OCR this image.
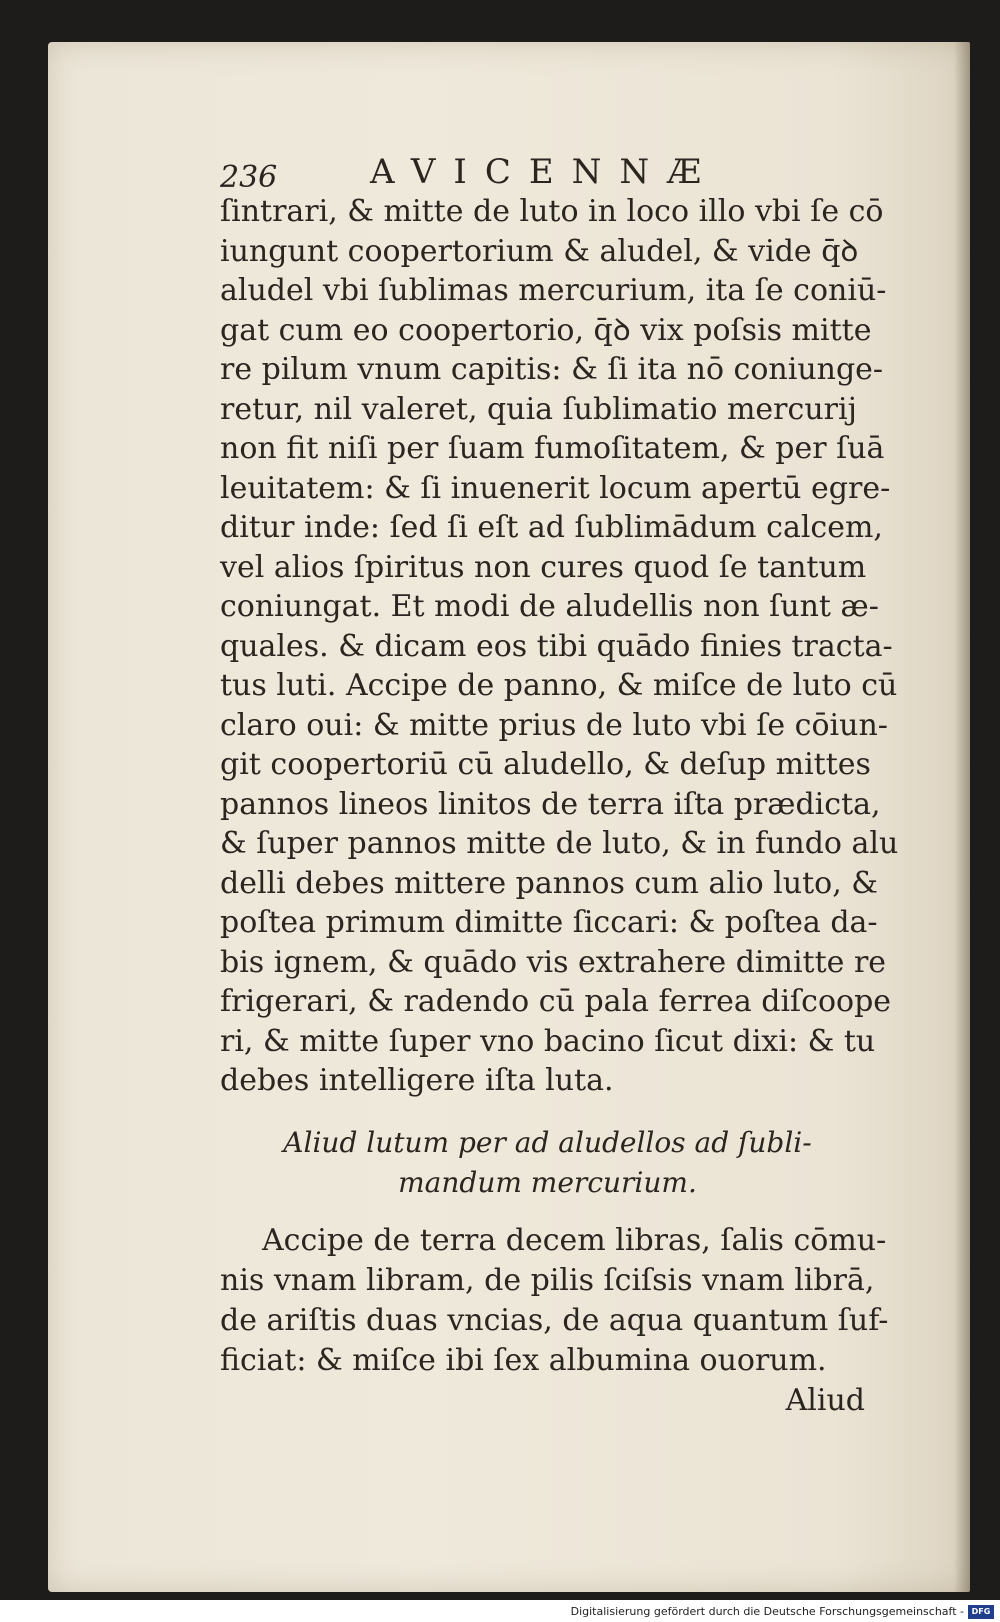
236	AVICENNÆ
ſintrari, & mitte de luto in loco illo vbi ſe cō
iungunt coopertorium & aludel, & vide q̄ꝺ
aludel vbi ſublimas mercurium, ita ſe coniū-
gat cum eo coopertorio, q̄ꝺ vix poſsis mitte
re pilum vnum capitis: & ſi ita nō coniunge-
retur, nil valeret, quia ſublimatio mercurij
non fit niſi per ſuam fumoſitatem, & per ſuā
leuitatem: & ſi inuenerit locum apertū egre-
ditur inde: ſed ſi eſt ad ſublimādum calcem,
vel alios ſpiritus non cures quod ſe tantum
coniungat. Et modi de aludellis non ſunt æ-
quales. & dicam eos tibi quādo finies tracta-
tus luti. Accipe de panno, & miſce de luto cū
claro oui: & mitte prius de luto vbi ſe cōiun-
git coopertoriū cū aludello, & deſup mittes
pannos lineos linitos de terra iſta prædicta,
& ſuper pannos mitte de luto, & in fundo alu
delli debes mittere pannos cum alio luto, &
poſtea primum dimitte ſiccari: & poſtea da-
bis ignem, & quādo vis extrahere dimitte re
frigerari, & radendo cū pala ferrea diſcoope
ri, & mitte ſuper vno bacino ſicut dixi: & tu
debes intelligere iſta luta.
Aliud lutum per ad aludellos ad ſubli-
mandum mercurium.
Accipe de terra decem libras, ſalis cōmu-
nis vnam libram, de pilis ſciſsis vnam librā,
de ariſtis duas vncias, de aqua quantum ſuf-
ficiat: & miſce ibi ſex albumina ouorum.
Aliud
Digitalisierung gefördert durch die Deutsche Forschungsgemeinschaft - DFG
